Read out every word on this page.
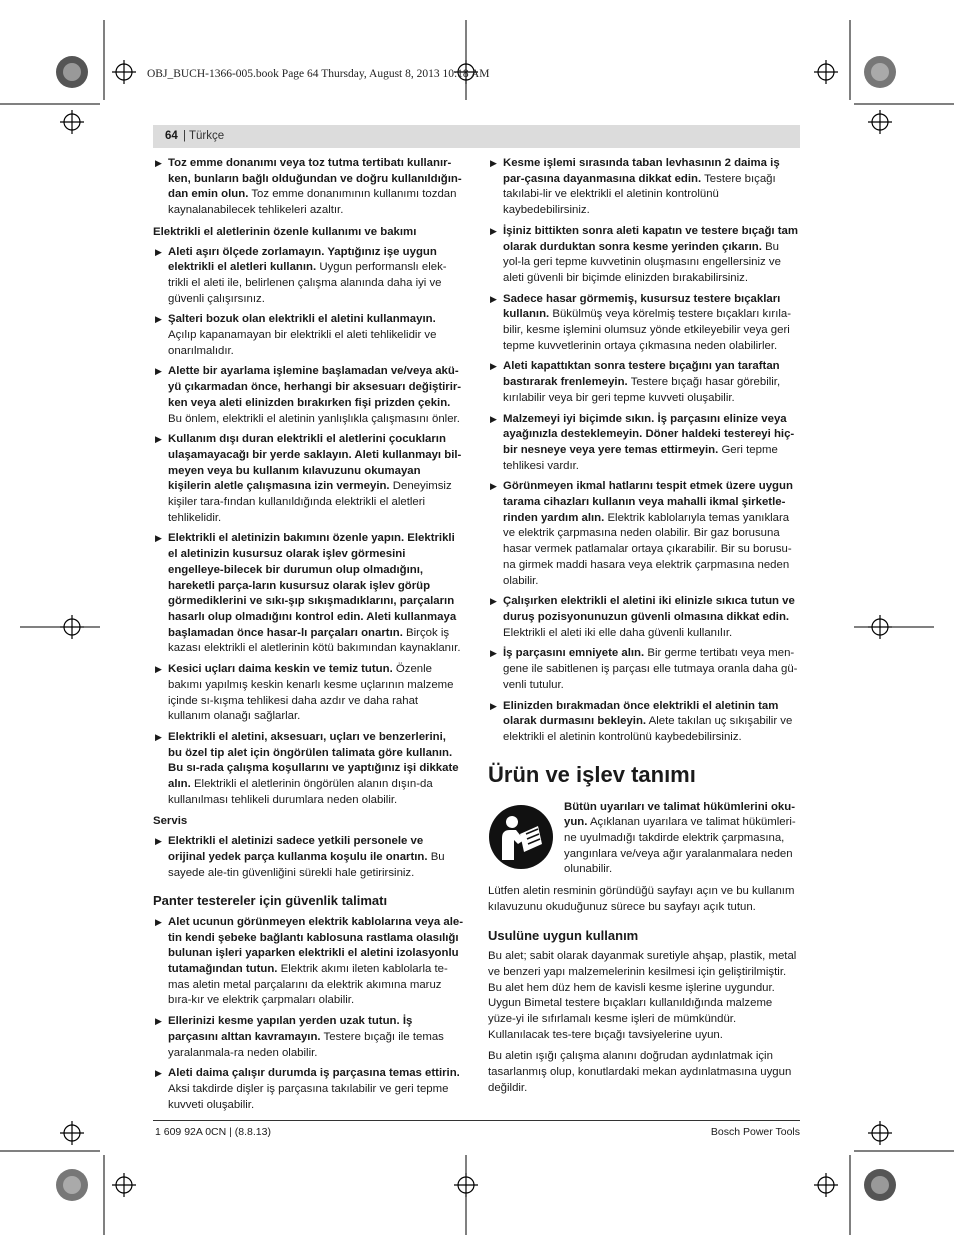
OBJ_BUCH-1366-005.book Page 64 Thursday, August 8, 2013 10:18 AM
64 | Türkçe
▶ Toz emme donanımı veya toz tutma tertibatı kullanır-ken, bunların bağlı olduğundan ve doğru kullanıldığın-dan emin olun. Toz emme donanımının kullanımı tozdan kaynalanabilecek tehlikeleri azaltır.
Elektrikli el aletlerinin özenle kullanımı ve bakımı
▶ Aleti aşırı ölçede zorlamayın. Yaptığınız işe uygun elektrikli el aletleri kullanın. Uygun performanslı elek-trikli el aleti ile, belirlenen çalışma alanında daha iyi ve güvenli çalışırsınız.
▶ Şalteri bozuk olan elektrikli el aletini kullanmayın. Açılıp kapanamayan bir elektrikli el aleti tehlikelidir ve onarılmalıdır.
▶ Alette bir ayarlama işlemine başlamadan ve/veya akü-yü çıkarmadan önce, herhangi bir aksesuarı değiştirir-ken veya aleti elinizden bırakırken fişi prizden çekin. Bu önlem, elektrikli el aletinin yanlışlıkla çalışmasını önler.
▶ Kullanım dışı duran elektrikli el aletlerini çocukların ulaşamayacağı bir yerde saklayın. Aleti kullanmayı bil-meyen veya bu kullanım kılavuzunu okumayan kişilerin aletle çalışmasına izin vermeyin. Deneyimsiz kişiler tara-fından kullanıldığında elektrikli el aletleri tehlikelidir.
▶ Elektrikli el aletinizin bakımını özenle yapın. Elektrikli el aletinizin kusursuz olarak işlev görmesini engelleye-bilecek bir durumun olup olmadığını, hareketli parça-ların kusursuz olarak işlev görüp görmediklerini ve sıkı-şıp sıkışmadıklarını, parçaların hasarlı olup olmadığını kontrol edin. Aleti kullanmaya başlamadan önce hasar-lı parçaları onartın. Birçok iş kazası elektrikli el aletlerinin kötü bakımından kaynaklanır.
▶ Kesici uçları daima keskin ve temiz tutun. Özenle bakımı yapılmış keskin kenarlı kesme uçlarının malzeme içinde sı-kışma tehlikesi daha azdır ve daha rahat kullanım olanağı sağlarlar.
▶ Elektrikli el aletini, aksesuarı, uçları ve benzerlerini, bu özel tip alet için öngörülen talimata göre kullanın. Bu sı-rada çalışma koşullarını ve yaptığınız işi dikkate alın. Elektrikli el aletlerinin öngörülen alanın dışın-da kullanılması tehlikeli durumlara neden olabilir.
Servis
▶ Elektrikli el aletinizi sadece yetkili personele ve orijinal yedek parça kullanma koşulu ile onartın. Bu sayede ale-tin güvenliğini sürekli hale getirirsiniz.
Panter testereler için güvenlik talimatı
▶ Alet ucunun görünmeyen elektrik kablolarına veya ale-tin kendi şebeke bağlantı kablosuna rastlama olasılığı bulunan işleri yaparken elektrikli el aletini izolasyonlu tutamağından tutun. Elektrik akımı ileten kablolarla te-mas aletin metal parçalarını da elektrik akımına maruz bıra-kır ve elektrik çarpmaları olabilir.
▶ Ellerinizi kesme yapılan yerden uzak tutun. İş parçasını alttan kavramayın. Testere bıçağı ile temas yaralanmala-ra neden olabilir.
▶ Aleti daima çalışır durumda iş parçasına temas ettirin. Aksi takdirde dişler iş parçasına takılabilir ve geri tepme kuvveti oluşabilir.
▶ Kesme işlemi sırasında taban levhasının 2 daima iş par-çasına dayanmasına dikkat edin. Testere bıçağı takılabi-lir ve elektrikli el aletinin kontrolünü kaybedebilirsiniz.
▶ İşiniz bittikten sonra aleti kapatın ve testere bıçağı tam olarak durduktan sonra kesme yerinden çıkarın. Bu yol-la geri tepme kuvvetinin oluşmasını engellersiniz ve aleti güvenli bir biçimde elinizden bırakabilirsiniz.
▶ Sadece hasar görmemiş, kusursuz testere bıçakları kullanın. Bükülmüş veya körelmiş testere bıçakları kırıla-bilir, kesme işlemini olumsuz yönde etkileyebilir veya geri tepme kuvvetlerinin ortaya çıkmasına neden olabilirler.
▶ Aleti kapattıktan sonra testere bıçağını yan taraftan bastırarak frenlemeyin. Testere bıçağı hasar görebilir, kırılabilir veya bir geri tepme kuvveti oluşabilir.
▶ Malzemeyi iyi biçimde sıkın. İş parçasını elinize veya ayağınızla desteklemeyin. Döner haldeki testereyi hiç-bir nesneye veya yere temas ettirmeyin. Geri tepme tehlikesi vardır.
▶ Görünmeyen ikmal hatlarını tespit etmek üzere uygun tarama cihazları kullanın veya mahalli ikmal şirketle-rinden yardım alın. Elektrik kablolarıyla temas yanıklara ve elektrik çarpmasına neden olabilir. Bir gaz borusuna hasar vermek patlamalar ortaya çıkarabilir. Bir su borusu-na girmek maddi hasara veya elektrik çarpmasına neden olabilir.
▶ Çalışırken elektrikli el aletini iki elinizle sıkıca tutun ve duruş pozisyonunuzun güvenli olmasına dikkat edin. Elektrikli el aleti iki elle daha güvenli kullanılır.
▶ İş parçasını emniyete alın. Bir germe tertibatı veya men-gene ile sabitlenen iş parçası elle tutmaya oranla daha gü-venli tutulur.
▶ Elinizden bırakmadan önce elektrikli el aletinin tam olarak durmasını bekleyin. Alete takılan uç sıkışabilir ve elektrikli el aletinin kontrolünü kaybedebilirsiniz.
Ürün ve işlev tanımı
Bütün uyarıları ve talimat hükümlerini oku-yun. Açıklanan uyarılara ve talimat hükümleri-ne uyulmadığı takdirde elektrik çarpmasına, yangınlara ve/veya ağır yaralanmalara neden olunabilir.
Lütfen aletin resminin göründüğü sayfayı açın ve bu kullanım kılavuzunu okuduğunuz sürece bu sayfayı açık tutun.
Usulüne uygun kullanım
Bu alet; sabit olarak dayanmak suretiyle ahşap, plastik, metal ve benzeri yapı malzemelerinin kesilmesi için geliştirilmiştir. Bu alet hem düz hem de kavisli kesme işlerine uygundur. Uygun Bimetal testere bıçakları kullanıldığında malzeme yüze-yi ile sıfırlamalı kesme işleri de mümkündür. Kullanılacak tes-tere bıçağı tavsiyelerine uyun.
Bu aletin ışığı çalışma alanını doğrudan aydınlatmak için tasarlanmış olup, konutlardaki mekan aydınlatmasına uygun değildir.
1 609 92A 0CN | (8.8.13)	Bosch Power Tools
